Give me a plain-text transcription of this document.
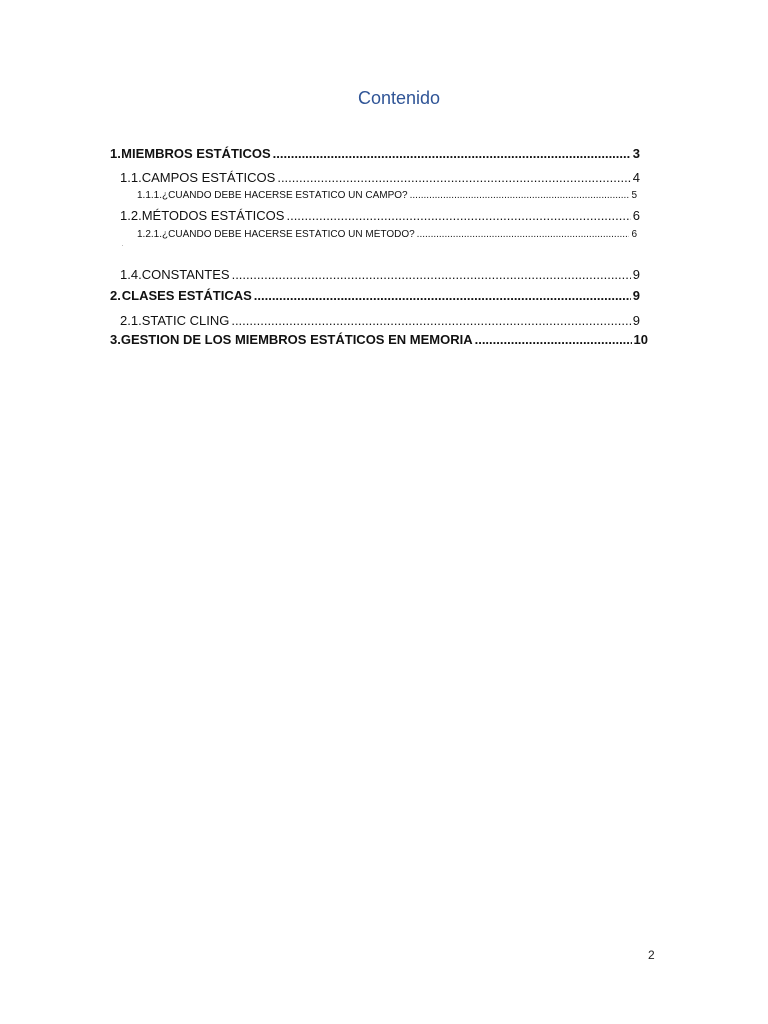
Contenido
1. MIEMBROS ESTÁTICOS .....	3
1.1. CAMPOS ESTÁTICOS .....	4
1.1.1. ¿CUÁNDO DEBE HACERSE ESTÁTICO UN CAMPO? .....	5
1.2. MÉTODOS ESTÁTICOS .....	6
1.2.1. ¿CUÁNDO DEBE HACERSE ESTÁTICO UN MÉTODO? .....	6
1.4. CONSTANTES .....	9
2. CLASES ESTÁTICAS .....	9
2.1. STATIC CLING .....	9
3. GESTION DE LOS MIEMBROS ESTÁTICOS EN MEMORIA .....	10
2
